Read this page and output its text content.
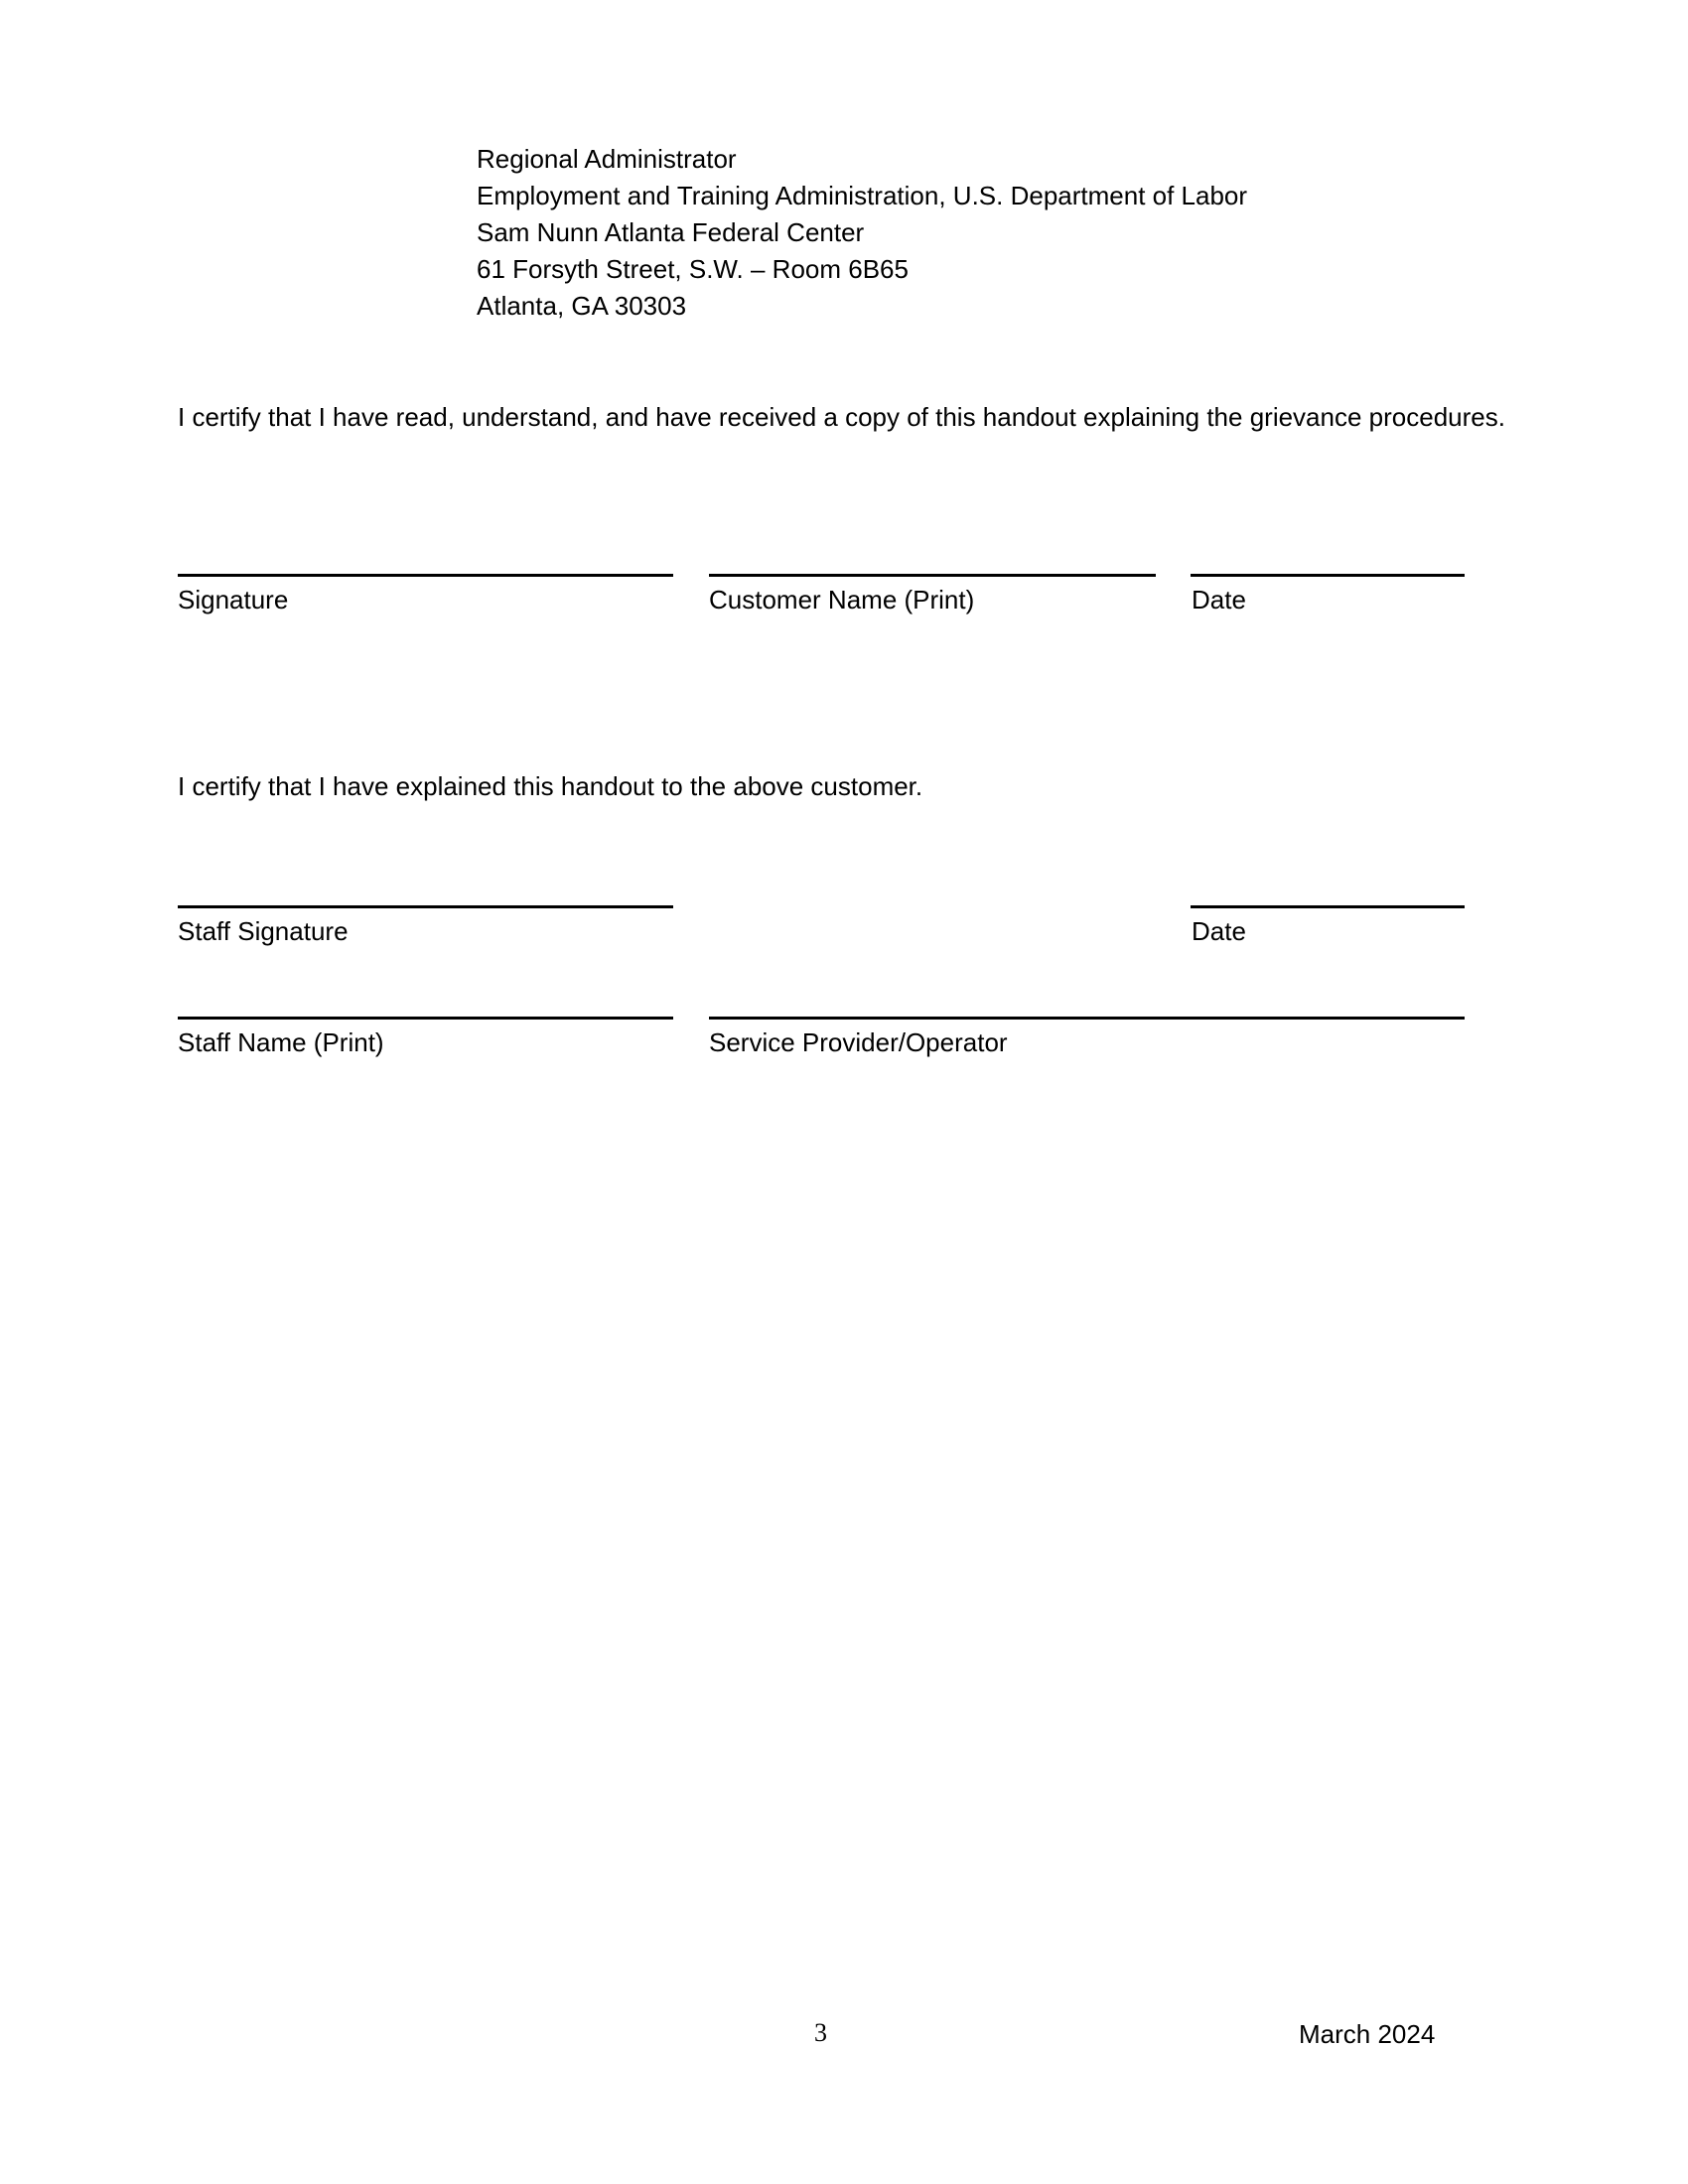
Regional Administrator
Employment and Training Administration, U.S. Department of Labor
Sam Nunn Atlanta Federal Center
61 Forsyth Street, S.W. – Room 6B65
Atlanta, GA 30303
I certify that I have read, understand, and have received a copy of this handout explaining the grievance procedures.
Signature	Customer Name (Print)	Date
I certify that I have explained this handout to the above customer.
Staff Signature	Date
Staff Name (Print)	Service Provider/Operator
3	March 2024
